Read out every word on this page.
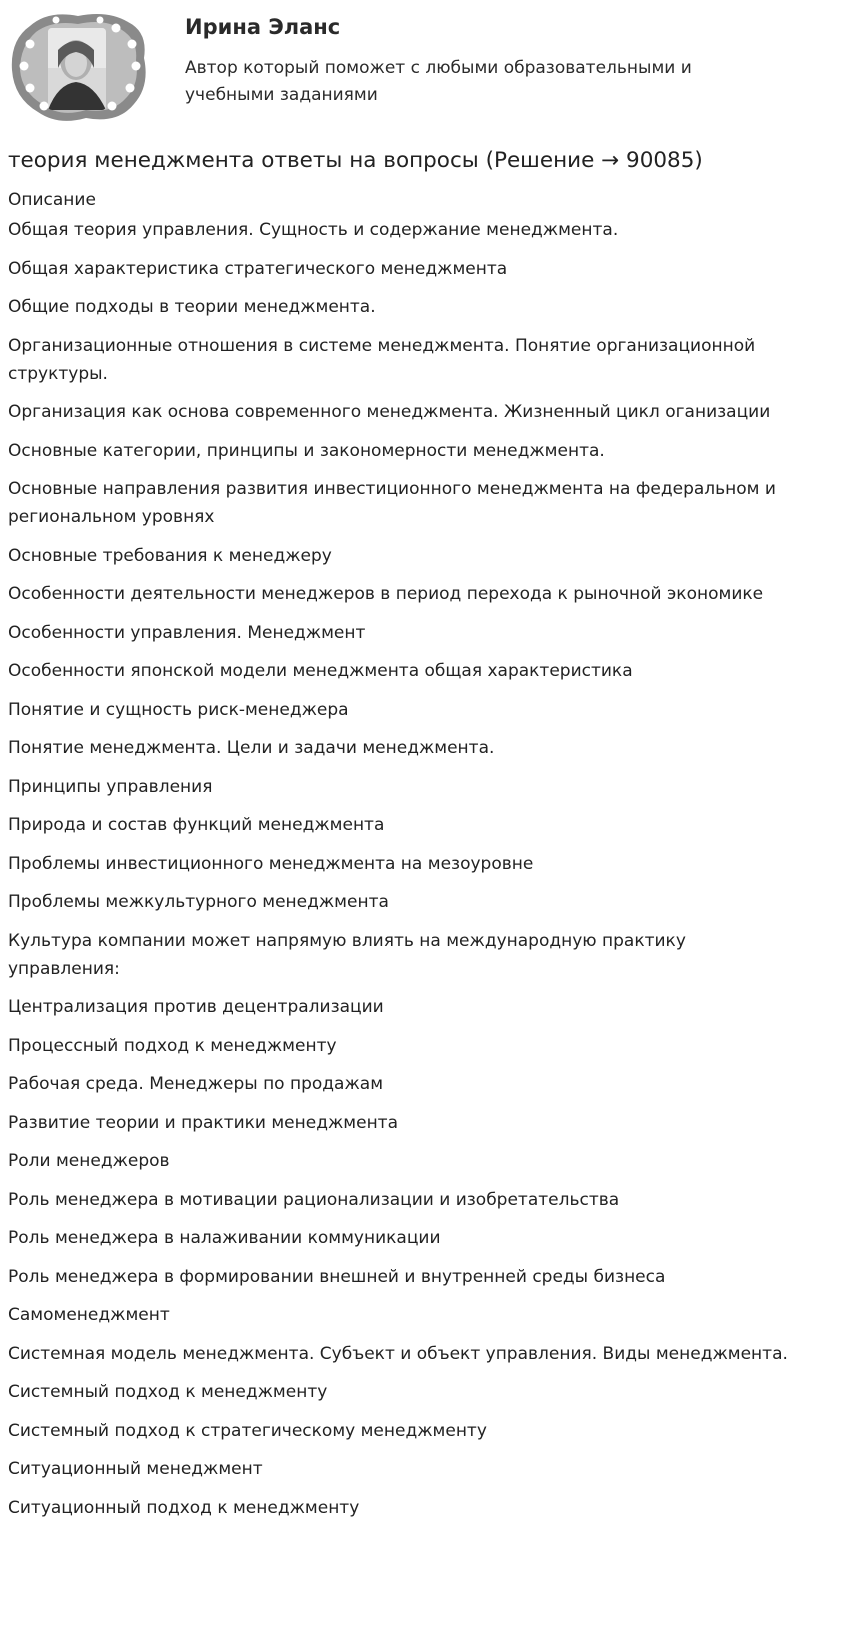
Ирина Эланс
Автор который поможет с любыми образовательными и учебными заданиями
теория менеджмента ответы на вопросы (Решение → 90085)
Описание
Общая теория управления. Сущность и содержание менеджмента.
Общая характеристика стратегического менеджмента
Общие подходы в теории менеджмента.
Организационные отношения в системе менеджмента. Понятие организационной структуры.
Организация как основа современного менеджмента. Жизненный цикл оганизации
Основные категории, принципы и закономерности менеджмента.
Основные направления развития инвестиционного менеджмента на федеральном и региональном уровнях
Основные требования к менеджеру
Особенности деятельности менеджеров в период перехода к рыночной экономике
Особенности управления. Менеджмент
Особенности японской модели менеджмента общая характеристика
Понятие и сущность риск-менеджера
Понятие менеджмента. Цели и задачи менеджмента.
Принципы управления
Природа и состав функций менеджмента
Проблемы инвестиционного менеджмента на мезоуровне
Проблемы межкультурного менеджмента
Культура компании может напрямую влиять на международную практику управления:
Централизация против децентрализации
Процессный подход к менеджменту
Рабочая среда. Менеджеры по продажам
Развитие теории и практики менеджмента
Роли менеджеров
Роль менеджера в мотивации рационализации и изобретательства
Роль менеджера в налаживании коммуникации
Роль менеджера в формировании внешней и внутренней среды бизнеса
Самоменеджмент
Системная модель менеджмента. Субъект и объект управления. Виды менеджмента.
Системный подход к менеджменту
Системный подход к стратегическому менеджменту
Ситуационный менеджмент
Ситуационный подход к менеджменту
